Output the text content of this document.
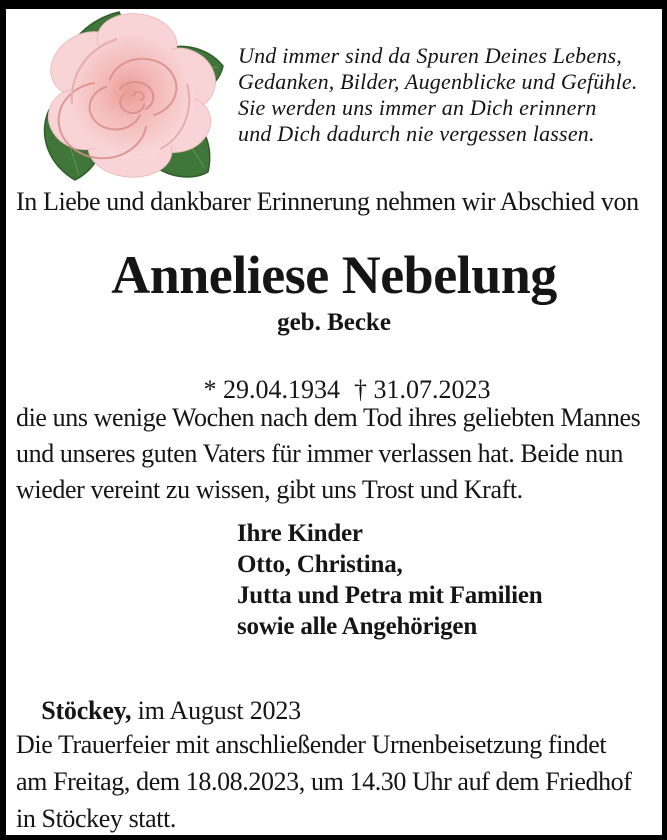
Und immer sind da Spuren Deines Lebens,
Gedanken, Bilder, Augenblicke und Gefühle.
Sie werden uns immer an Dich erinnern
und Dich dadurch nie vergessen lassen.
In Liebe und dankbarer Erinnerung nehmen wir Abschied von
Anneliese Nebelung
geb. Becke

* 29.04.1934 † 31.07.2023

die uns wenige Wochen nach dem Tod ihres geliebten Mannes
und unseres guten Vaters für immer verlassen hat. Beide nun
wieder vereint zu wissen, gibt uns Trost und Kraft.
Ihre Kinder
Otto, Christina,
Jutta und Petra mit Familien
sowie alle Angehörigen

Stöckey, im August 2023

Die Trauerfeier mit anschließender Urnenbeisetzung findet
am Freitag, dem 18.08.2023, um 14.30 Uhr auf dem Friedhof
in Stöckey statt.
